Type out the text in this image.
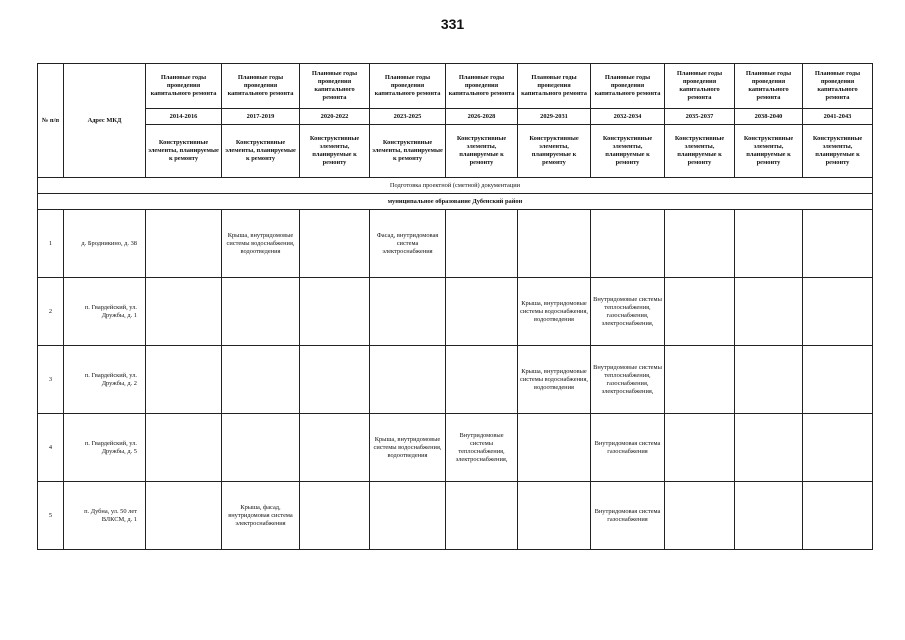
331
№ п/п	Адрес МКД	Плановые годы проведения капитального ремонта	Плановые годы проведения капитального ремонта	Плановые годы проведения капитального ремонта	Плановые годы проведения капитального ремонта	Плановые годы проведения капитального ремонта	Плановые годы проведения капитального ремонта	Плановые годы проведения капитального ремонта	Плановые годы проведения капитального ремонта	Плановые годы проведения капитального ремонта	Плановые годы проведения капитального ремонта
		2014-2016	2017-2019	2020-2022	2023-2025	2026-2028	2029-2031	2032-2034	2035-2037	2038-2040	2041-2043
		Конструктивные элементы, планируемые к ремонту	Конструктивные элементы, планируемые к ремонту	Конструктивные элементы, планируемые к ремонту	Конструктивные элементы, планируемые к ремонту	Конструктивные элементы, планируемые к ремонту	Конструктивные элементы, планируемые к ремонту	Конструктивные элементы, планируемые к ремонту	Конструктивные элементы, планируемые к ремонту	Конструктивные элементы, планируемые к ремонту	Конструктивные элементы, планируемые к ремонту
Подготовка проектной (сметной) документации											
муниципальное образование Дубенский район											
1	д. Бродникино, д. 38		Крыша, внутридомовые системы водоснабжения, водоотведения		Фасад, внутридомовая система электроснабжения						
2	п. Гвардейский, ул. Дружбы, д. 1						Крыша, внутридомовые системы водоснабжения, водоотведения	Внутридомовые системы теплоснабжения, газоснабжения, электроснабжения,			
3	п. Гвардейский, ул. Дружбы, д. 2						Крыша, внутридомовые системы водоснабжения, водоотведения	Внутридомовые системы теплоснабжения, газоснабжения, электроснабжения,			
4	п. Гвардейский, ул. Дружбы, д. 5				Крыша, внутридомовые системы водоснабжения, водоотведения	Внутридомовые системы теплоснабжения, электроснабжения,		Внутридомовая система газоснабжения			
5	п. Дубна, ул. 50 лет ВЛКСМ, д. 1		Крыша, фасад, внутридомовая система электроснабжения					Внутридомовая система газоснабжения			
